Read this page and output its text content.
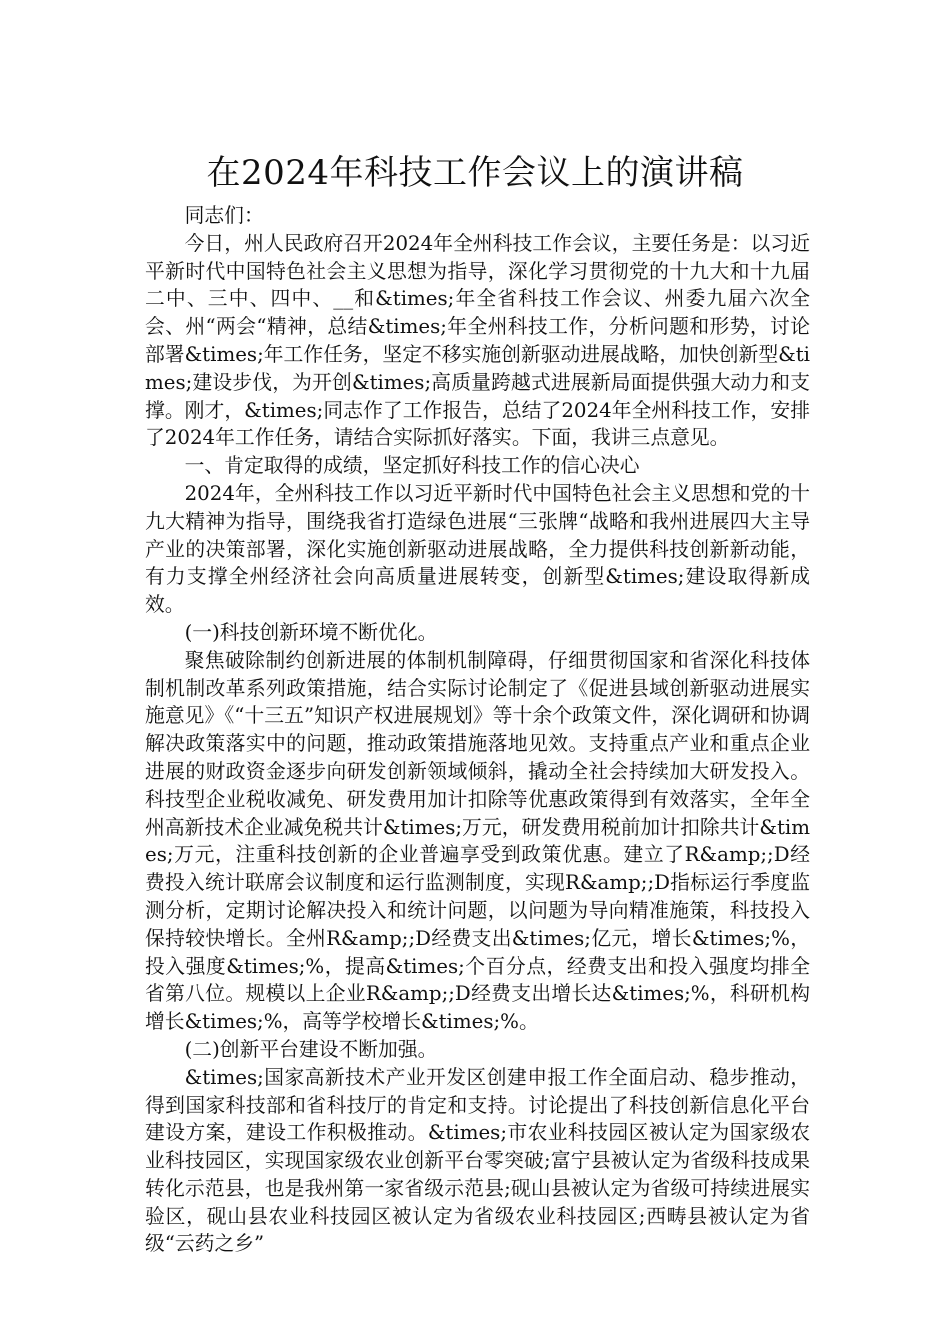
在2024年科技工作会议上的演讲稿

同志们：

今日，州人民政府召开2024年全州科技工作会议，主要任务是：以习近平新时代中国特色社会主义思想为指导，深化学习贯彻党的十九大和十九届二中、三中、四中、__和&times;年全省科技工作会议、州委九届六次全会、州“两会“精神，总结&times;年全州科技工作，分析问题和形势，讨论部署&times;年工作任务，坚定不移实施创新驱动进展战略，加快创新型&times;建设步伐，为开创&times;高质量跨越式进展新局面提供强大动力和支撑。刚才，&times;同志作了工作报告，总结了2024年全州科技工作，安排了2024年工作任务，请结合实际抓好落实。下面，我讲三点意见。

一、肯定取得的成绩，坚定抓好科技工作的信心决心

2024年，全州科技工作以习近平新时代中国特色社会主义思想和党的十九大精神为指导，围绕我省打造绿色进展“三张牌“战略和我州进展四大主导产业的决策部署，深化实施创新驱动进展战略，全力提供科技创新新动能，有力支撑全州经济社会向高质量进展转变，创新型&times;建设取得新成效。

(一)科技创新环境不断优化。

聚焦破除制约创新进展的体制机制障碍，仔细贯彻国家和省深化科技体制机制改革系列政策措施，结合实际讨论制定了《促进县域创新驱动进展实施意见》《“十三五”知识产权进展规划》等十余个政策文件，深化调研和协调解决政策落实中的问题，推动政策措施落地见效。支持重点产业和重点企业进展的财政资金逐步向研发创新领域倾斜，撬动全社会持续加大研发投入。科技型企业税收减免、研发费用加计扣除等优惠政策得到有效落实，全年全州高新技术企业减免税共计&times;万元，研发费用税前加计扣除共计&times;万元，注重科技创新的企业普遍享受到政策优惠。建立了R&amp;;D经费投入统计联席会议制度和运行监测制度，实现R&amp;;D指标运行季度监测分析，定期讨论解决投入和统计问题，以问题为导向精准施策，科技投入保持较快增长。全州R&amp;;D经费支出&times;亿元，增长&times;%，投入强度&times;%，提高&times;个百分点，经费支出和投入强度均排全省第八位。规模以上企业R&amp;;D经费支出增长达&times;%，科研机构增长&times;%，高等学校增长&times;%。

(二)创新平台建设不断加强。

&times;国家高新技术产业开发区创建申报工作全面启动、稳步推动，得到国家科技部和省科技厅的肯定和支持。讨论提出了科技创新信息化平台建设方案，建设工作积极推动。&times;市农业科技园区被认定为国家级农业科技园区，实现国家级农业创新平台零突破;富宁县被认定为省级科技成果转化示范县，也是我州第一家省级示范县;砚山县被认定为省级可持续进展实验区，砚山县农业科技园区被认定为省级农业科技园区;西畴县被认定为省级“云药之乡”
